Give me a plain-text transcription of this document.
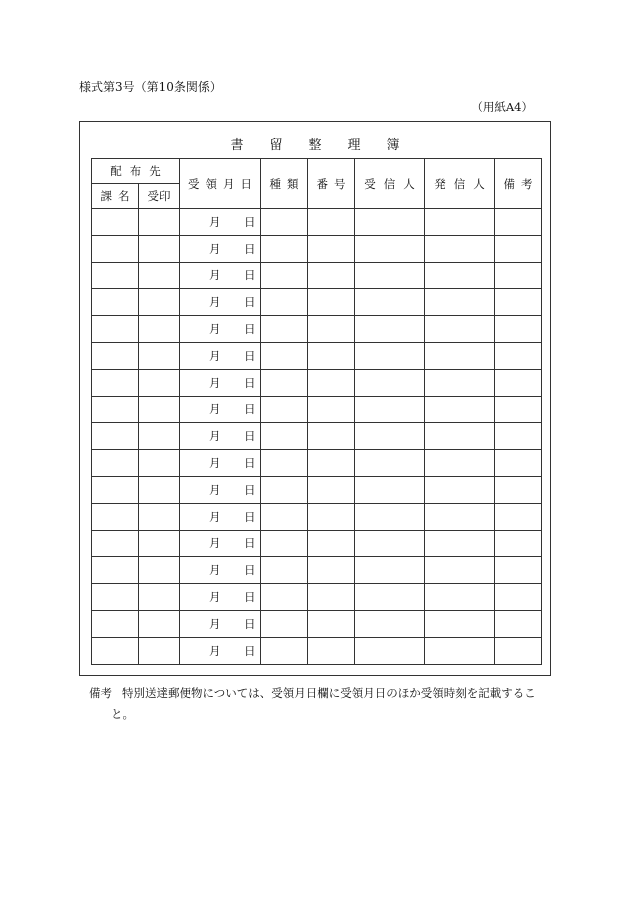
様式第3号（第10条関係）
（用紙A4）
書留整理簿
配布先		受領月日	種類	番号	受信人	発信人	備考
課名	受印						

		月 日					

		月 日					

		月 日					

		月 日					

		月 日					

		月 日					

		月 日					

		月 日					

		月 日					

		月 日					

		月 日					

		月 日					

		月 日					

		月 日					

		月 日					

		月 日					

		月 日					

備考 特別送達郵便物については、受領月日欄に受領月日のほか受領時刻を記載するこ
と。
